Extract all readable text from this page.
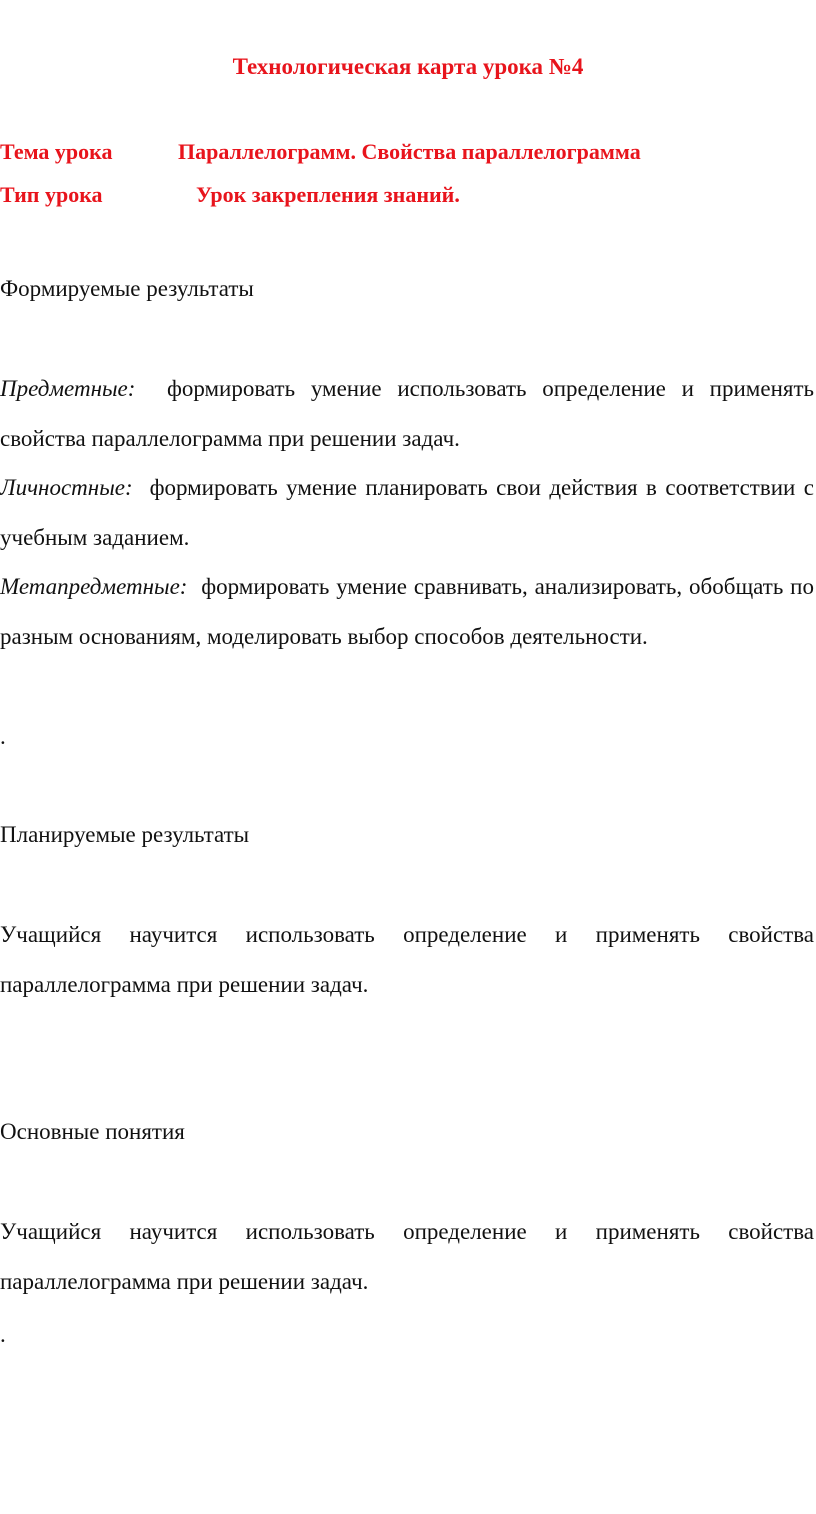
Технологическая карта урока №4
Тема урока	Параллелограмм. Свойства параллелограмма
Тип урока	Урок закрепления знаний.
Формируемые результаты
Предметные: формировать умение использовать определение и применять свойства параллелограмма при решении задач.
Личностные: формировать умение планировать свои действия в соответствии с учебным заданием.
Метапредметные: формировать умение сравнивать, анализировать, обобщать по разным основаниям, моделировать выбор способов деятельности.
.
Планируемые результаты
Учащийся научится использовать определение и применять свойства параллелограмма при решении задач.
Основные понятия
Учащийся научится использовать определение и применять свойства параллелограмма при решении задач.
.
